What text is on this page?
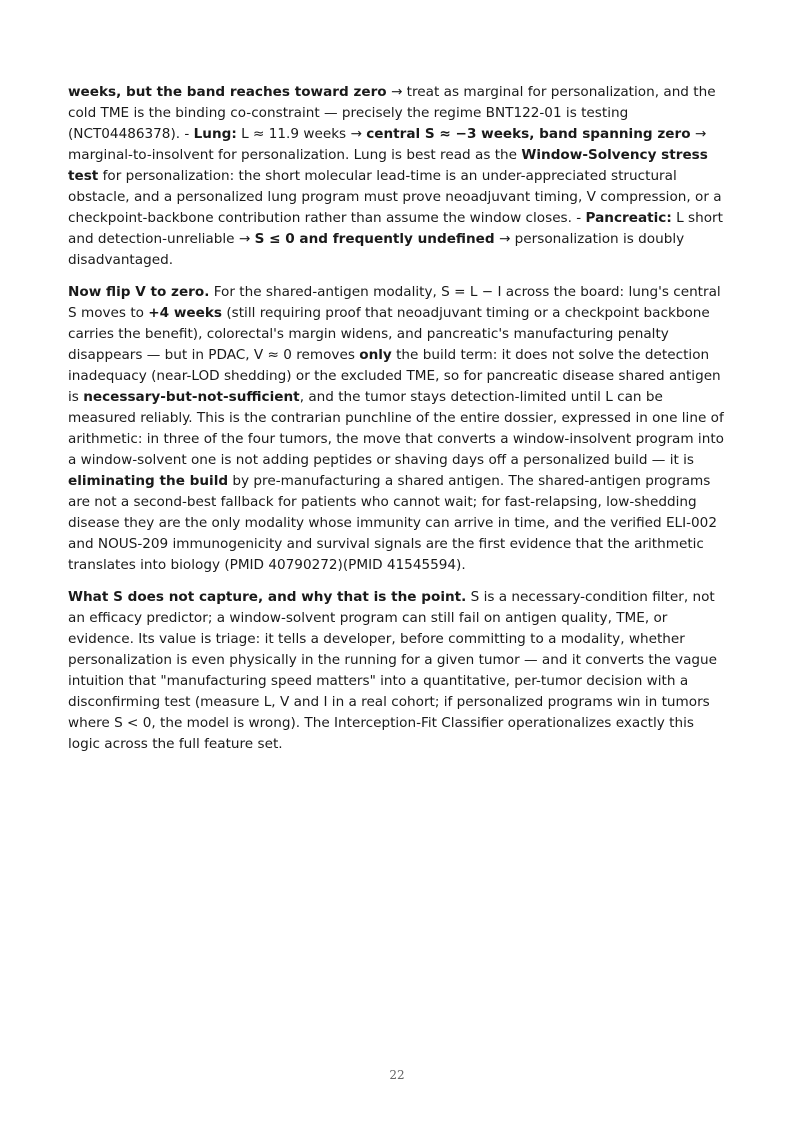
weeks, but the band reaches toward zero → treat as marginal for personalization, and the cold TME is the binding co-constraint — precisely the regime BNT122-01 is testing (NCT04486378). - Lung: L ≈ 11.9 weeks → central S ≈ −3 weeks, band spanning zero → marginal-to-insolvent for personalization. Lung is best read as the Window-Solvency stress test for personalization: the short molecular lead-time is an under-appreciated structural obstacle, and a personalized lung program must prove neoadjuvant timing, V compression, or a checkpoint-backbone contribution rather than assume the window closes. - Pancreatic: L short and detection-unreliable → S ≤ 0 and frequently undefined → personalization is doubly disadvantaged.

Now flip V to zero. For the shared-antigen modality, S = L − I across the board: lung's central S moves to +4 weeks (still requiring proof that neoadjuvant timing or a checkpoint backbone carries the benefit), colorectal's margin widens, and pancreatic's manufacturing penalty disappears — but in PDAC, V ≈ 0 removes only the build term: it does not solve the detection inadequacy (near-LOD shedding) or the excluded TME, so for pancreatic disease shared antigen is necessary-but-not-sufficient, and the tumor stays detection-limited until L can be measured reliably. This is the contrarian punchline of the entire dossier, expressed in one line of arithmetic: in three of the four tumors, the move that converts a window-insolvent program into a window-solvent one is not adding peptides or shaving days off a personalized build — it is eliminating the build by pre-manufacturing a shared antigen. The shared-antigen programs are not a second-best fallback for patients who cannot wait; for fast-relapsing, low-shedding disease they are the only modality whose immunity can arrive in time, and the verified ELI-002 and NOUS-209 immunogenicity and survival signals are the first evidence that the arithmetic translates into biology (PMID 40790272)(PMID 41545594).

What S does not capture, and why that is the point. S is a necessary-condition filter, not an efficacy predictor; a window-solvent program can still fail on antigen quality, TME, or evidence. Its value is triage: it tells a developer, before committing to a modality, whether personalization is even physically in the running for a given tumor — and it converts the vague intuition that "manufacturing speed matters" into a quantitative, per-tumor decision with a disconfirming test (measure L, V and I in a real cohort; if personalized programs win in tumors where S < 0, the model is wrong). The Interception-Fit Classifier operationalizes exactly this logic across the full feature set.

22
